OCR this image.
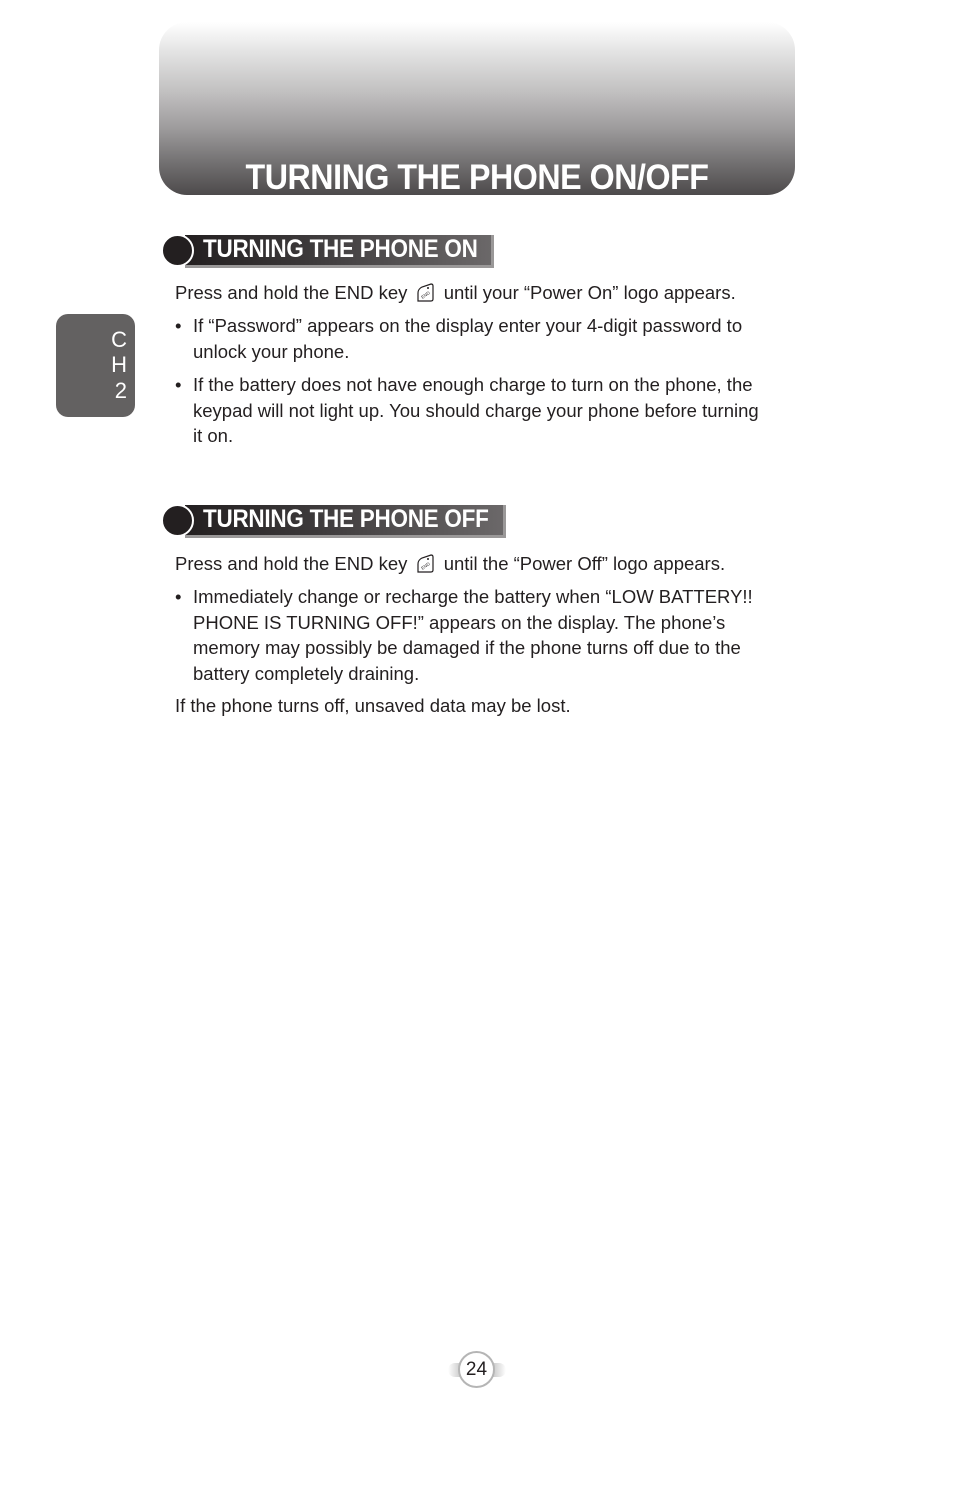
TURNING THE PHONE ON/OFF
C
H
2
TURNING THE PHONE ON
Press and hold the END key	END until your “Power On” logo appears.
• If “Password” appears on the display enter your 4-digit password to
unlock your phone.
• If the battery does not have enough charge to turn on the phone, the
keypad will not light up. You should charge your phone before turning
it on.
TURNING THE PHONE OFF
Press and hold the END key	END until the “Power Off” logo appears.
• Immediately change or recharge the battery when “LOW BATTERY!!
PHONE IS TURNING OFF!” appears on the display. The phone’s
memory may possibly be damaged if the phone turns off due to the
battery completely draining.
If the phone turns off, unsaved data may be lost.
24
